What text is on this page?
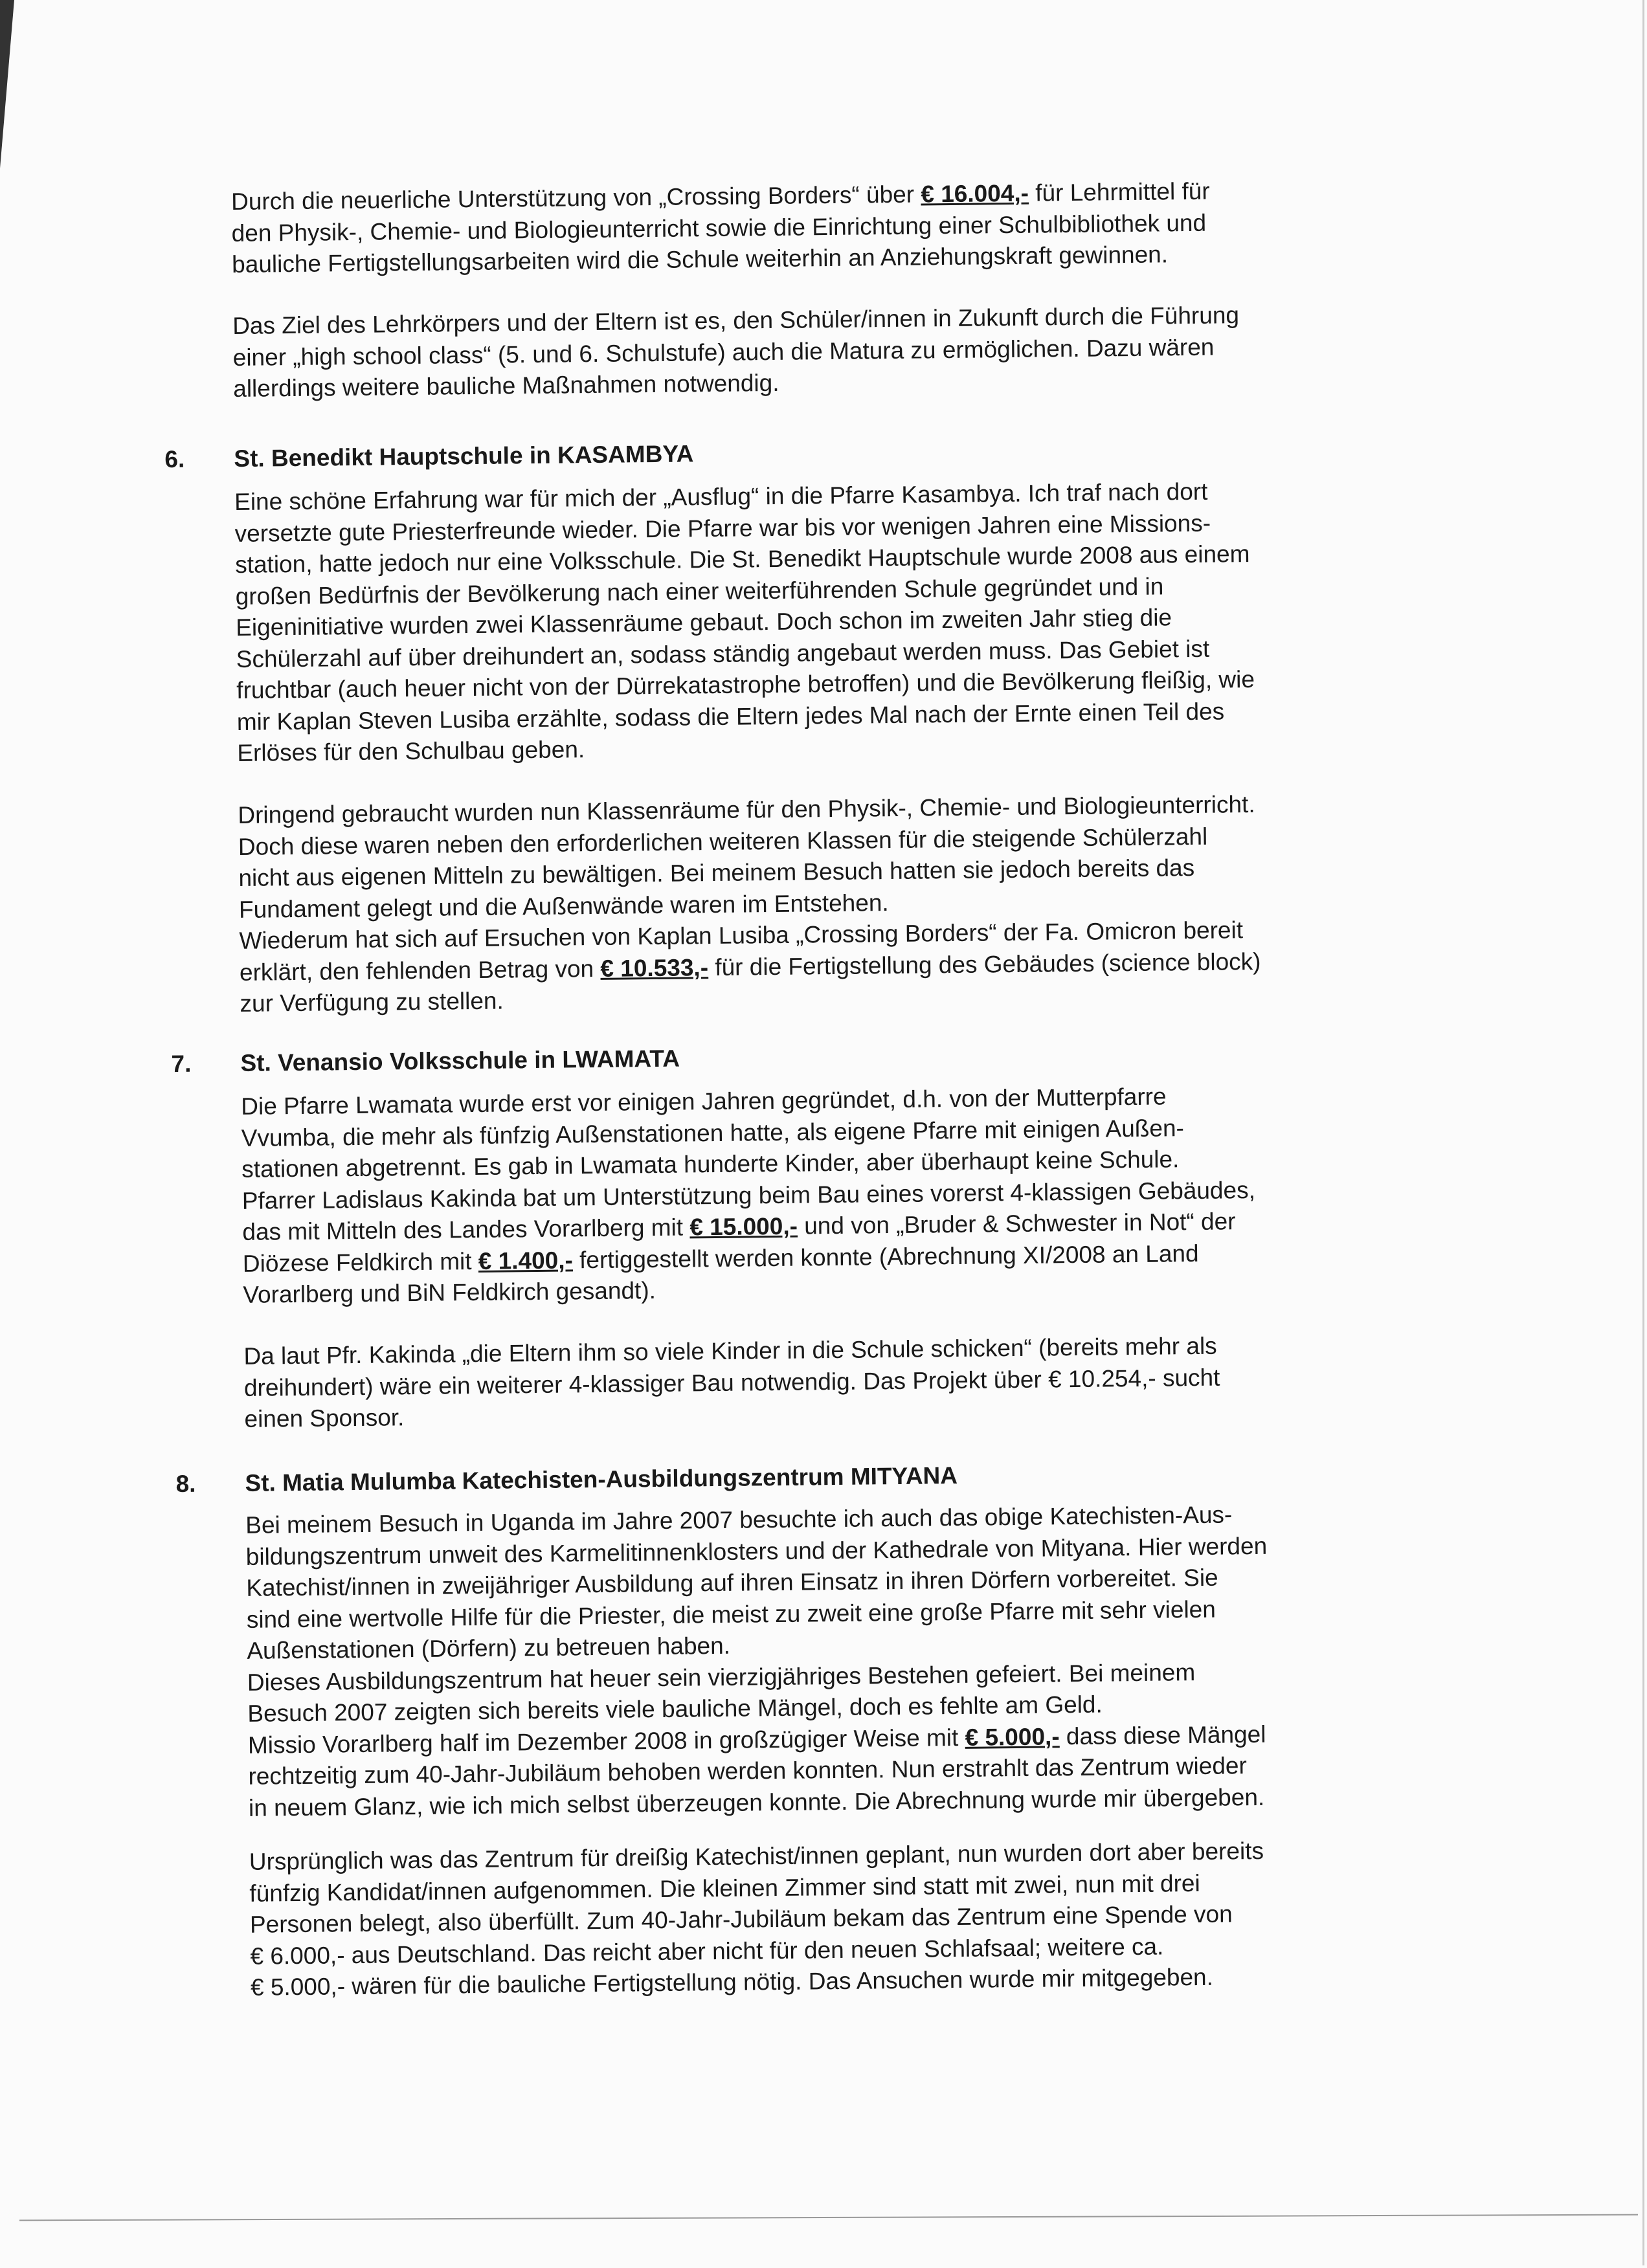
Durch die neuerliche Unterstützung von „Crossing Borders“ über € 16.004,- für Lehrmittel für
den Physik-, Chemie- und Biologieunterricht sowie die Einrichtung einer Schulbibliothek und
bauliche Fertigstellungsarbeiten wird die Schule weiterhin an Anziehungskraft gewinnen.
Das Ziel des Lehrkörpers und der Eltern ist es, den Schüler/innen in Zukunft durch die Führung
einer „high school class“ (5. und 6. Schulstufe) auch die Matura zu ermöglichen. Dazu wären
allerdings weitere bauliche Maßnahmen notwendig.
6. St. Benedikt Hauptschule in KASAMBYA
Eine schöne Erfahrung war für mich der „Ausflug“ in die Pfarre Kasambya. Ich traf nach dort
versetzte gute Priesterfreunde wieder. Die Pfarre war bis vor wenigen Jahren eine Missions-
station, hatte jedoch nur eine Volksschule. Die St. Benedikt Hauptschule wurde 2008 aus einem
großen Bedürfnis der Bevölkerung nach einer weiterführenden Schule gegründet und in
Eigeninitiative wurden zwei Klassenräume gebaut. Doch schon im zweiten Jahr stieg die
Schülerzahl auf über dreihundert an, sodass ständig angebaut werden muss. Das Gebiet ist
fruchtbar (auch heuer nicht von der Dürrekatastrophe betroffen) und die Bevölkerung fleißig, wie
mir Kaplan Steven Lusiba erzählte, sodass die Eltern jedes Mal nach der Ernte einen Teil des
Erlöses für den Schulbau geben.
Dringend gebraucht wurden nun Klassenräume für den Physik-, Chemie- und Biologieunterricht.
Doch diese waren neben den erforderlichen weiteren Klassen für die steigende Schülerzahl
nicht aus eigenen Mitteln zu bewältigen. Bei meinem Besuch hatten sie jedoch bereits das
Fundament gelegt und die Außenwände waren im Entstehen.
Wiederum hat sich auf Ersuchen von Kaplan Lusiba „Crossing Borders“ der Fa. Omicron bereit
erklärt, den fehlenden Betrag von € 10.533,- für die Fertigstellung des Gebäudes (science block)
zur Verfügung zu stellen.
7. St. Venansio Volksschule in LWAMATA
Die Pfarre Lwamata wurde erst vor einigen Jahren gegründet, d.h. von der Mutterpfarre
Vvumba, die mehr als fünfzig Außenstationen hatte, als eigene Pfarre mit einigen Außen-
stationen abgetrennt. Es gab in Lwamata hunderte Kinder, aber überhaupt keine Schule.
Pfarrer Ladislaus Kakinda bat um Unterstützung beim Bau eines vorerst 4-klassigen Gebäudes,
das mit Mitteln des Landes Vorarlberg mit € 15.000,- und von „Bruder & Schwester in Not“ der
Diözese Feldkirch mit € 1.400,- fertiggestellt werden konnte (Abrechnung XI/2008 an Land
Vorarlberg und BiN Feldkirch gesandt).
Da laut Pfr. Kakinda „die Eltern ihm so viele Kinder in die Schule schicken“ (bereits mehr als
dreihundert) wäre ein weiterer 4-klassiger Bau notwendig. Das Projekt über € 10.254,- sucht
einen Sponsor.
8. St. Matia Mulumba Katechisten-Ausbildungszentrum MITYANA
Bei meinem Besuch in Uganda im Jahre 2007 besuchte ich auch das obige Katechisten-Aus-
bildungszentrum unweit des Karmelitinnenklosters und der Kathedrale von Mityana. Hier werden
Katechist/innen in zweijähriger Ausbildung auf ihren Einsatz in ihren Dörfern vorbereitet. Sie
sind eine wertvolle Hilfe für die Priester, die meist zu zweit eine große Pfarre mit sehr vielen
Außenstationen (Dörfern) zu betreuen haben.
Dieses Ausbildungszentrum hat heuer sein vierzigjähriges Bestehen gefeiert. Bei meinem
Besuch 2007 zeigten sich bereits viele bauliche Mängel, doch es fehlte am Geld.
Missio Vorarlberg half im Dezember 2008 in großzügiger Weise mit € 5.000,- dass diese Mängel
rechtzeitig zum 40-Jahr-Jubiläum behoben werden konnten. Nun erstrahlt das Zentrum wieder
in neuem Glanz, wie ich mich selbst überzeugen konnte. Die Abrechnung wurde mir übergeben.
Ursprünglich was das Zentrum für dreißig Katechist/innen geplant, nun wurden dort aber bereits
fünfzig Kandidat/innen aufgenommen. Die kleinen Zimmer sind statt mit zwei, nun mit drei
Personen belegt, also überfüllt. Zum 40-Jahr-Jubiläum bekam das Zentrum eine Spende von
€ 6.000,- aus Deutschland. Das reicht aber nicht für den neuen Schlafsaal; weitere ca.
€ 5.000,- wären für die bauliche Fertigstellung nötig. Das Ansuchen wurde mir mitgegeben.
